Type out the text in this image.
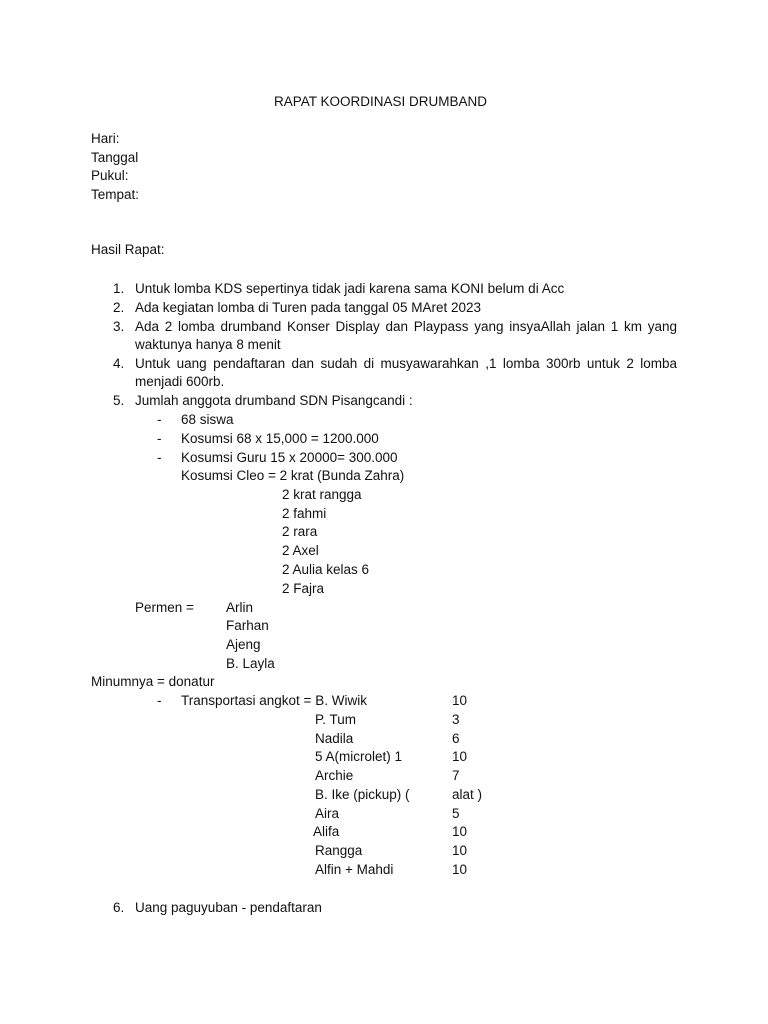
RAPAT KOORDINASI DRUMBAND
Hari:
Tanggal
Pukul:
Tempat:
Hasil Rapat:
1. Untuk lomba KDS sepertinya tidak jadi karena sama KONI belum di Acc
2. Ada kegiatan lomba di Turen pada tanggal 05 MAret 2023
3. Ada 2 lomba drumband Konser Display dan Playpass yang insyaAllah jalan 1 km yang
waktunya hanya 8 menit
4. Untuk uang pendaftaran dan sudah di musyawarahkan ,1 lomba 300rb untuk 2 lomba
menjadi 600rb.
5. Jumlah anggota drumband SDN Pisangcandi :
- 68 siswa
- Kosumsi 68 x 15,000 = 1200.000
- Kosumsi Guru 15 x 20000= 300.000
Kosumsi Cleo = 2 krat (Bunda Zahra)
2 krat rangga
2 fahmi
2 rara
2 Axel
2 Aulia kelas 6
2 Fajra
Permen = Arlin
Farhan
Ajeng
B. Layla
Minumnya = donatur
- Transportasi angkot = B. Wiwik	10
P. Tum	3
Nadila	6
5 A(microlet) 1	10
Archie	7
B. Ike (pickup) (	alat )
Aira	5
Alifa	10
Rangga	10
Alfin + Mahdi	10
6. Uang paguyuban - pendaftaran
